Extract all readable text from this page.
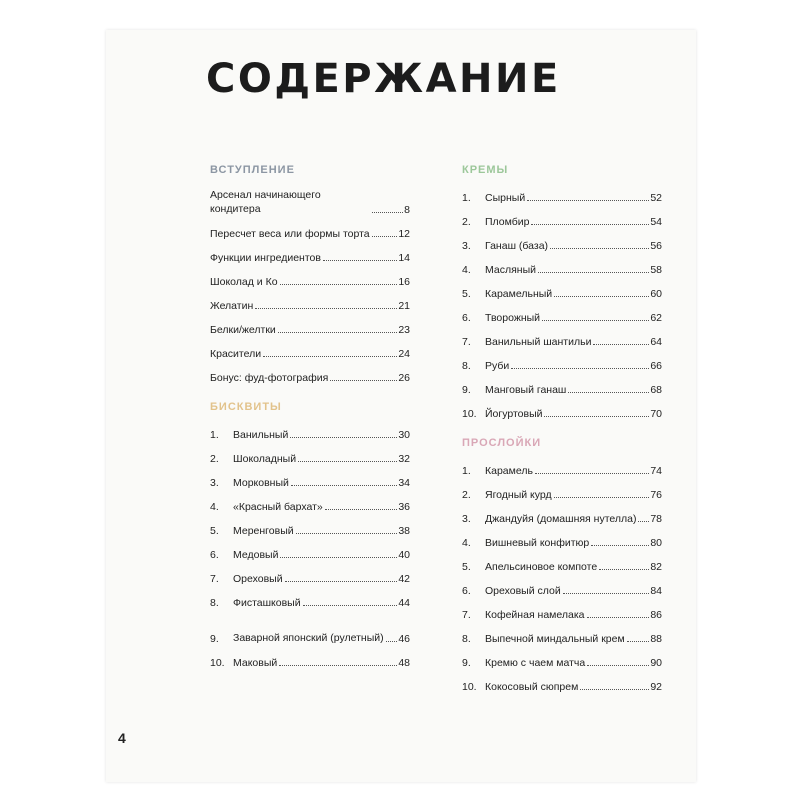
СОДЕРЖАНИЕ
ВСТУПЛЕНИЕ
Арсенал начинающего кондитера	8
Пересчет веса или формы торта	12
Функции ингредиентов	14
Шоколад и Ко	16
Желатин	21
Белки/желтки	23
Красители	24
Бонус: фуд-фотография	26
БИСКВИТЫ
1.	Ванильный	30
2.	Шоколадный	32
3.	Морковный	34
4.	«Красный бархат»	36
5.	Меренговый	38
6.	Медовый	40
7.	Ореховый	42
8.	Фисташковый	44
9.	Заварной японский (рулетный) 46
10. Маковый	48
КРЕМЫ
1.	Сырный	52
2.	Пломбир	54
3.	Ганаш (база)	56
4.	Масляный	58
5.	Карамельный	60
6.	Творожный	62
7.	Ванильный шантильи	64
8.	Руби	66
9.	Манговый ганаш	68
10. Йогуртовый	70
ПРОСЛОЙКИ
1.	Карамель	74
2.	Ягодный курд	76
3.	Джандуйя (домашняя нутелла) 78
4.	Вишневый конфитюр	80
5.	Апельсиновое компоте	82
6.	Ореховый слой	84
7.	Кофейная намелака	86
8.	Выпечной миндальный крем 88
9.	Кремю с чаем матча	90
10. Кокосовый сюпрем	92
4
